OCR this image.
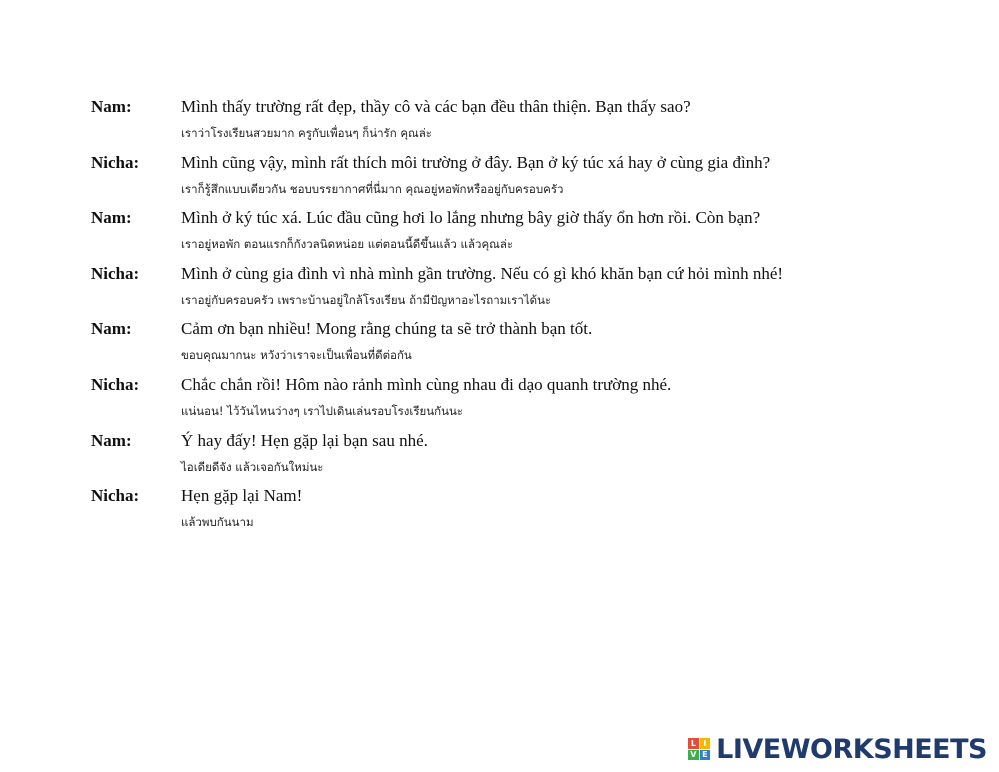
Nam:	Mình thấy trường rất đẹp, thầy cô và các bạn đều thân thiện. Bạn thấy sao?
เราว่าโรงเรียนสวยมาก ครูกับเพื่อนๆ ก็น่ารัก คุณล่ะ
Nicha: Mình cũng vậy, mình rất thích môi trường ở đây. Bạn ở ký túc xá hay ở cùng gia đình?
เราก็รู้สึกแบบเดียวกัน ชอบบรรยากาศที่นี่มาก คุณอยู่หอพักหรืออยู่กับครอบครัว
Nam:	Mình ở ký túc xá. Lúc đầu cũng hơi lo lắng nhưng bây giờ thấy ổn hơn rồi. Còn bạn?
เราอยู่หอพัก ตอนแรกก็กังวลนิดหน่อย แต่ตอนนี้ดีขึ้นแล้ว แล้วคุณล่ะ
Nicha: Mình ở cùng gia đình vì nhà mình gần trường. Nếu có gì khó khăn bạn cứ hỏi mình nhé!
เราอยู่กับครอบครัว เพราะบ้านอยู่ใกล้โรงเรียน ถ้ามีปัญหาอะไรถามเราได้นะ
Nam:	Cảm ơn bạn nhiều! Mong rằng chúng ta sẽ trở thành bạn tốt.
ขอบคุณมากนะ หวังว่าเราจะเป็นเพื่อนที่ดีต่อกัน
Nicha: Chắc chắn rồi! Hôm nào rảnh mình cùng nhau đi dạo quanh trường nhé.
แน่นอน! ไว้วันไหนว่างๆ เราไปเดินเล่นรอบโรงเรียนกันนะ
Nam:	Ý hay đấy! Hẹn gặp lại bạn sau nhé.
ไอเดียดีจัง แล้วเจอกันใหม่นะ
Nicha: Hẹn gặp lại Nam!
แล้วพบกันนาม
L I
V E LIVEWORKSHEETS
